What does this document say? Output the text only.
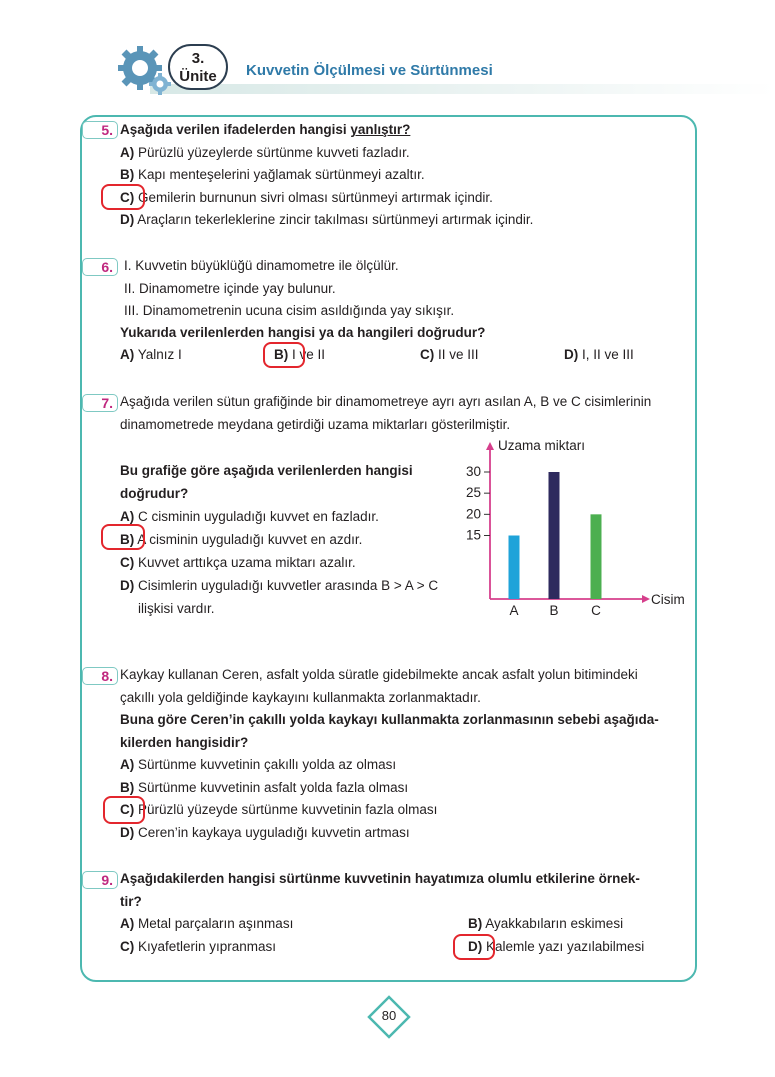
3.
Ünite	Kuvvetin Ölçülmesi ve Sürtünmesi
5. Aşağıda verilen ifadelerden hangisi yanlıştır?
A) Pürüzlü yüzeylerde sürtünme kuvveti fazladır.
B) Kapı menteşelerini yağlamak sürtünmeyi azaltır.
C) Gemilerin burnunun sivri olması sürtünmeyi artırmak içindir.
D) Araçların tekerleklerine zincir takılması sürtünmeyi artırmak içindir.
6. I. Kuvvetin büyüklüğü dinamometre ile ölçülür.
II. Dinamometre içinde yay bulunur.
III. Dinamometrenin ucuna cisim asıldığında yay sıkışır.
Yukarıda verilenlerden hangisi ya da hangileri doğrudur?
A) Yalnız I	B) I ve II	C) II ve III	D) I, II ve III
7. Aşağıda verilen sütun grafiğinde bir dinamometreye ayrı ayrı asılan A, B ve C cisimlerinin
dinamometrede meydana getirdiği uzama miktarları gösterilmiştir.
Bu grafiğe göre aşağıda verilenlerden hangisi
doğrudur?
A) C cisminin uyguladığı kuvvet en fazladır.
B) A cisminin uyguladığı kuvvet en azdır.
C) Kuvvet arttıkça uzama miktarı azalır.
D) Cisimlerin uyguladığı kuvvetler arasında B > A > C
ilişkisi vardır.
15
20
25
30
A B C
Uzama miktarı
Cisim
8. Kaykay kullanan Ceren, asfalt yolda süratle gidebilmekte ancak asfalt yolun bitimindeki
çakıllı yola geldiğinde kaykayını kullanmakta zorlanmaktadır.
Buna göre Ceren’in çakıllı yolda kaykayı kullanmakta zorlanmasının sebebi aşağıda-
kilerden hangisidir?
A) Sürtünme kuvvetinin çakıllı yolda az olması
B) Sürtünme kuvvetinin asfalt yolda fazla olması
C) Pürüzlü yüzeyde sürtünme kuvvetinin fazla olması
D) Ceren’in kaykaya uyguladığı kuvvetin artması
9. Aşağıdakilerden hangisi sürtünme kuvvetinin hayatımıza olumlu etkilerine örnek-
tir?
A) Metal parçaların aşınması	B) Ayakkabıların eskimesi
C) Kıyafetlerin yıpranması	D) Kalemle yazı yazılabilmesi
80
